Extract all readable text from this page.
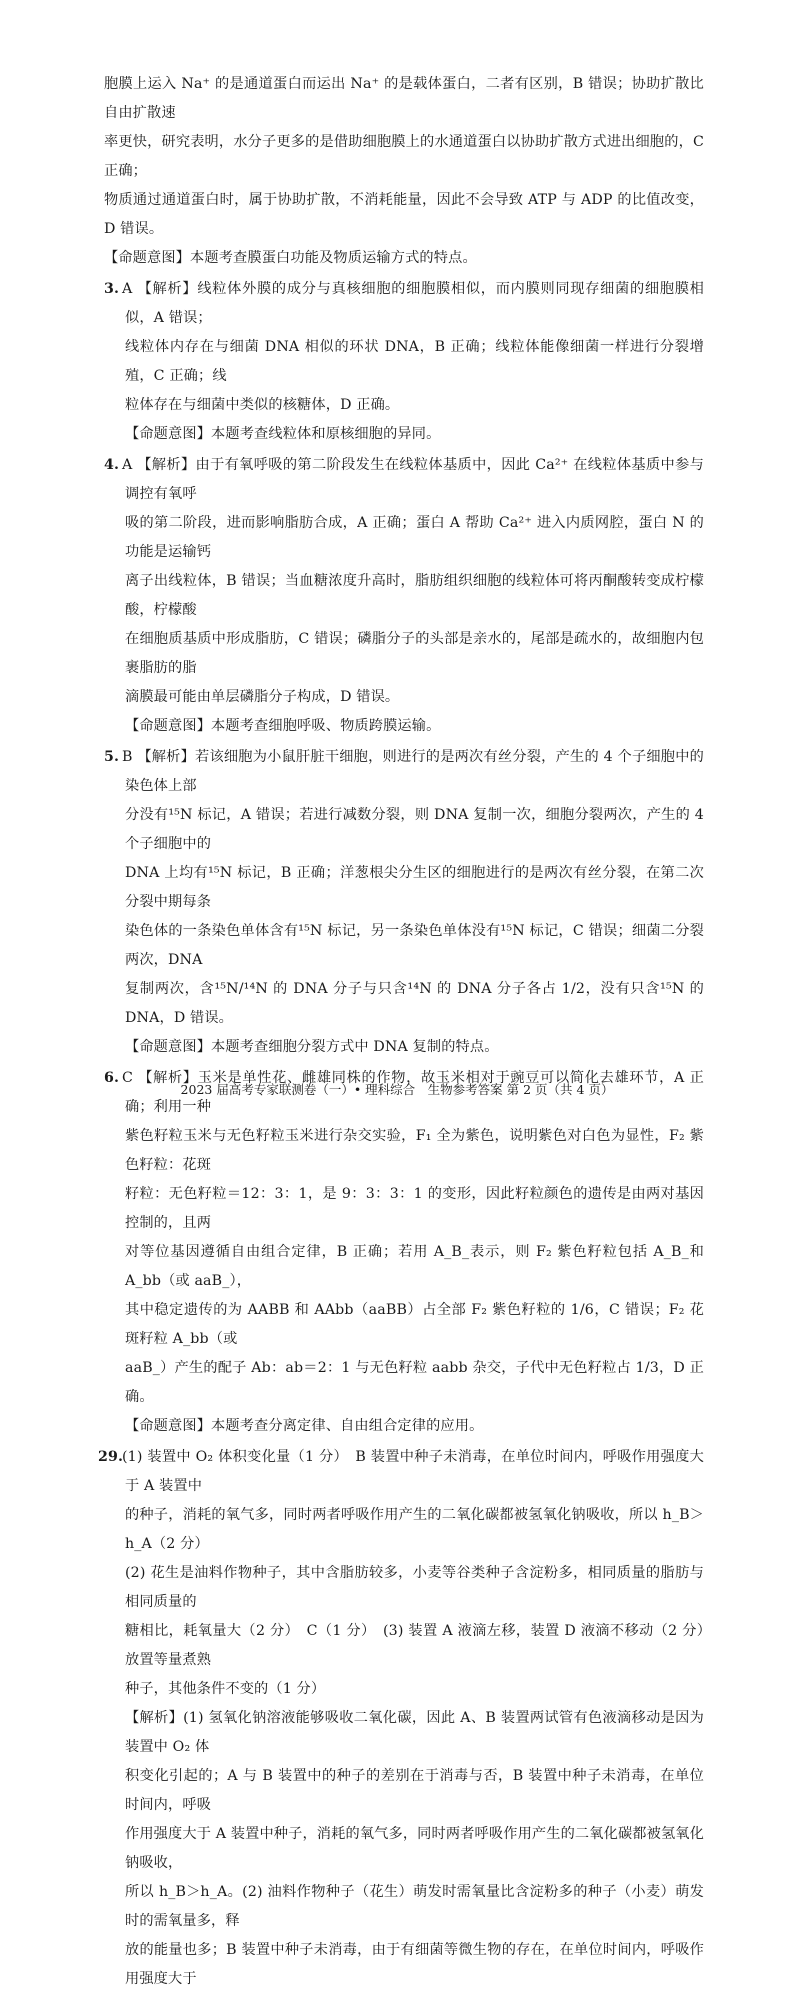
胞膜上运入 Na⁺ 的是通道蛋白而运出 Na⁺ 的是载体蛋白，二者有区别，B 错误；协助扩散比自由扩散速

率更快，研究表明，水分子更多的是借助细胞膜上的水通道蛋白以协助扩散方式进出细胞的，C 正确；

物质通过通道蛋白时，属于协助扩散，不消耗能量，因此不会导致 ATP 与 ADP 的比值改变，D 错误。

【命题意图】本题考查膜蛋白功能及物质运输方式的特点。

3. A 【解析】线粒体外膜的成分与真核细胞的细胞膜相似，而内膜则同现存细菌的细胞膜相似，A 错误；

线粒体内存在与细菌 DNA 相似的环状 DNA，B 正确；线粒体能像细菌一样进行分裂增殖，C 正确；线

粒体存在与细菌中类似的核糖体，D 正确。

【命题意图】本题考查线粒体和原核细胞的异同。

4. A 【解析】由于有氧呼吸的第二阶段发生在线粒体基质中，因此 Ca²⁺ 在线粒体基质中参与调控有氧呼

吸的第二阶段，进而影响脂肪合成，A 正确；蛋白 A 帮助 Ca²⁺ 进入内质网腔，蛋白 N 的功能是运输钙

离子出线粒体，B 错误；当血糖浓度升高时，脂肪组织细胞的线粒体可将丙酮酸转变成柠檬酸，柠檬酸

在细胞质基质中形成脂肪，C 错误；磷脂分子的头部是亲水的，尾部是疏水的，故细胞内包裹脂肪的脂

滴膜最可能由单层磷脂分子构成，D 错误。

【命题意图】本题考查细胞呼吸、物质跨膜运输。

5. B 【解析】若该细胞为小鼠肝脏干细胞，则进行的是两次有丝分裂，产生的 4 个子细胞中的染色体上部

分没有¹⁵N 标记，A 错误；若进行减数分裂，则 DNA 复制一次，细胞分裂两次，产生的 4 个子细胞中的

DNA 上均有¹⁵N 标记，B 正确；洋葱根尖分生区的细胞进行的是两次有丝分裂，在第二次分裂中期每条

染色体的一条染色单体含有¹⁵N 标记，另一条染色单体没有¹⁵N 标记，C 错误；细菌二分裂两次，DNA

复制两次，含¹⁵N/¹⁴N 的 DNA 分子与只含¹⁴N 的 DNA 分子各占 1/2，没有只含¹⁵N 的 DNA，D 错误。

【命题意图】本题考查细胞分裂方式中 DNA 复制的特点。

6. C 【解析】玉米是单性花、雌雄同株的作物，故玉米相对于豌豆可以简化去雄环节，A 正确；利用一种

紫色籽粒玉米与无色籽粒玉米进行杂交实验，F₁ 全为紫色，说明紫色对白色为显性，F₂ 紫色籽粒：花斑

籽粒：无色籽粒＝12：3：1，是 9：3：3：1 的变形，因此籽粒颜色的遗传是由两对基因控制的，且两

对等位基因遵循自由组合定律，B 正确；若用 A_B_表示，则 F₂ 紫色籽粒包括 A_B_和 A_bb（或 aaB_），

其中稳定遗传的为 AABB 和 AAbb（aaBB）占全部 F₂ 紫色籽粒的 1/6，C 错误；F₂ 花斑籽粒 A_bb（或

aaB_）产生的配子 Ab：ab＝2：1 与无色籽粒 aabb 杂交，子代中无色籽粒占 1/3，D 正确。

【命题意图】本题考查分离定律、自由组合定律的应用。

29.(1) 装置中 O₂ 体积变化量（1 分）　B 装置中种子未消毒，在单位时间内，呼吸作用强度大于 A 装置中

的种子，消耗的氧气多，同时两者呼吸作用产生的二氧化碳都被氢氧化钠吸收，所以 h_B＞h_A（2 分）

(2) 花生是油料作物种子，其中含脂肪较多，小麦等谷类种子含淀粉多，相同质量的脂肪与相同质量的

糖相比，耗氧量大（2 分）　C（1 分）　(3) 装置 A 液滴左移，装置 D 液滴不移动（2 分）　放置等量煮熟

种子，其他条件不变的（1 分）

【解析】(1) 氢氧化钠溶液能够吸收二氧化碳，因此 A、B 装置两试管有色液滴移动是因为装置中 O₂ 体

积变化引起的；A 与 B 装置中的种子的差别在于消毒与否，B 装置中种子未消毒，在单位时间内，呼吸

作用强度大于 A 装置中种子，消耗的氧气多，同时两者呼吸作用产生的二氧化碳都被氢氧化钠吸收，

所以 h_B＞h_A。(2) 油料作物种子（花生）萌发时需氧量比含淀粉多的种子（小麦）萌发时的需氧量多，释

放的能量也多；B 装置中种子未消毒，由于有细菌等微生物的存在，在单位时间内，呼吸作用强度大于

2023 届高考专家联测卷（一）• 理科综合　生物参考答案 第 2 页（共 4 页）
